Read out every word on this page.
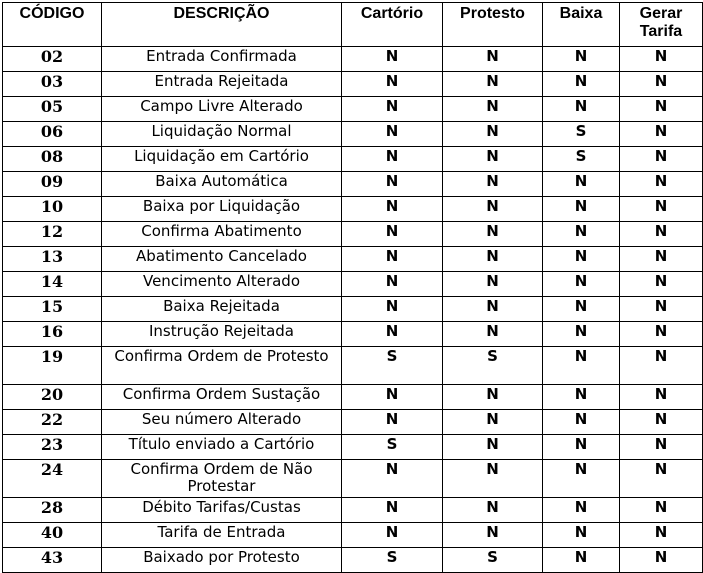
CÓDIGO	DESCRIÇÃO	Cartório	Protesto	Baixa	Gerar Tarifa
02	Entrada Confirmada	N	N	N	N
03	Entrada Rejeitada	N	N	N	N
05	Campo Livre Alterado	N	N	N	N
06	Liquidação Normal	N	N	S	N
08	Liquidação em Cartório	N	N	S	N
09	Baixa Automática	N	N	N	N
10	Baixa por Liquidação	N	N	N	N
12	Confirma Abatimento	N	N	N	N
13	Abatimento Cancelado	N	N	N	N
14	Vencimento Alterado	N	N	N	N
15	Baixa Rejeitada	N	N	N	N
16	Instrução Rejeitada	N	N	N	N
19	Confirma Ordem de Protesto	S	S	N	N
20	Confirma Ordem Sustação	N	N	N	N
22	Seu número Alterado	N	N	N	N
23	Título enviado a Cartório	S	N	N	N
24	Confirma Ordem de Não Protestar	N	N	N	N
28	Débito Tarifas/Custas	N	N	N	N
40	Tarifa de Entrada	N	N	N	N
43	Baixado por Protesto	S	S	N	N
